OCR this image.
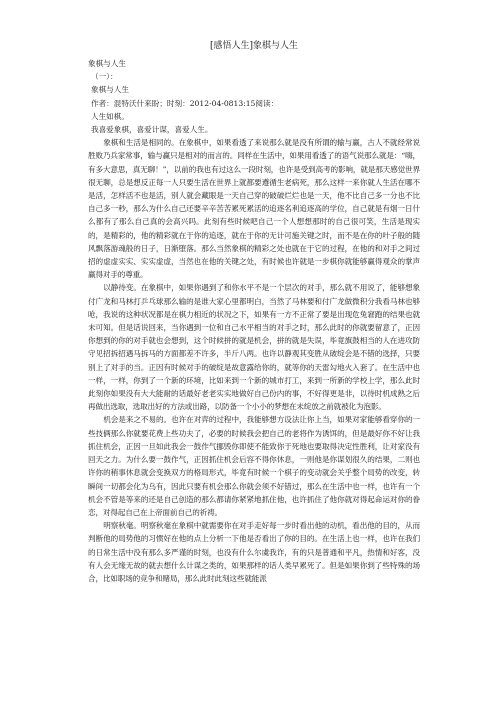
[感悟人生]象棋与人生

象棋与人生

（一）：

象棋与人生

作者：混特沃什来盼；时刻：2012-04-0813:15阅读：

人生如棋。

我喜爱象棋，喜爱计谋，喜爱人生。

象棋和生活是相同的。在象棋中，如果看透了来说那么就是没有所谓的输与赢，古人不就经常说胜败乃兵家常事，输与赢只是相对的而言的。同样在生活中，如果用看透了的语气说那么就是：“嗨，有多大意思，真无聊！”，以前的我也有过这么一段时刻，也许是受到高考的影响，就是那天感觉世界很无聊，总是想反正每一人只要生活在世界上就都要遵循生老病死，那么这样一来你就人生活在哪不是活，怎样活不也是活，别人就会藏眼是一天自己穿的破破烂烂也是一天，他不比自己多一分也不比自己多一秒，那么为什么自己还要辛辛苦苦累死累活的追逐名利追逐高的学位，自己就是有烟一日什么都有了那么自己真的会高兴吗。此刻有些时候吧自己一个人想想那时的自己很可笑，生活是现实的，是精彩的，他的精彩就在于你的追逐，就在于你的无计可施关键之时，而不是在你的叶子般的随风飘落游魂般的日子，日渐堕落。那么当然象棋的精彩之处也就在于它的过程，在他的和对手之间过招的虚虚实实、实实虚虚，当然也在他的关键之处，有时候也许就是一步棋你就能够赢得观众的掌声赢得对手的尊重。

以静待变。在象棋中，如果你遇到了和你水平不是一个层次的对手，那么就不用说了，能够想象付广龙和马林打乒乓球那么输的是谁大家心里都明白，当然了马林要和付广龙做微积分我看马林也够呛，我说的这种状况都是在棋力相近的状况之下，如果有一方不正常了要是出现危兔窘跑的结果也就未可知。但是话说回来，当你遇到一位和自己水平相当的对手之时，那么此时的你就要留意了，正因你想到的你的对手就也会想到，这个时候拼的就是机会，拼的就是失误，毕竟旗鼓相当的人在进攻防守见招拆招遇马拆马的方面都差不许多，半斤八两。也许以静观其变胜从破绽会是不错的选择，只要别上了对手的当。正因有时候对手的破绽是故意露给你的，就等你的天雷勾地火入套了。在生活中也一样，一样，你到了一个新的环境，比如来到一个新的城市打工，来到一所新的学校上学，那么此时此刻你如果没有大大能耐的话最好老老实实地做好自己份内的事，不好得更是非，以待时机成熟之后再做出选取，选取出好的方法或出路，以防备一个小小的梦想在未绽放之前就被化为泡影。

机会是来之不易的。也许在对弈的过程中，我能够想方设法让你上当，如果对家能够看穿你的一些技俩那么你就要花费上些功夫了，必要的时候我会把自己的老将作为诱饵的，但是最好你不好让我抓住机会，正因一旦如此我会一鼓作气挪毁你即使不能致你于死地也要取得决定性胜利，让对家没有回天之力。为什么要一鼓作气，正因抓住机会后容不得你休息，一则他是你谋划很久的结果，二则也许你的稍事休息就会变换双方的格局形式，毕竟有时候一个棋子的变动就会关乎整个局势的改变，转瞬间一切都会化为乌有，因此只要有机会那么你就会须不好错过，那么在生活中也一样，也许有一个机会不管是等来的还是自己创造的那么都请你紧紧地抓住他，也许抓住了他你就对得起命运对你的眷恋，对得起自己在上帝面前自己的祈祷。

明察秋毫。明察秋毫在象棋中就需要你在对手走好每一步时看出他的动机，看出他的目的，从而判断他的局势他的习惯好在他的点上分析一下他是否看出了你的目的。在生活上也一样，也许在我们的日常生活中没有那么多严谨的时刻，也没有什么尔虞我诈，有的只是普通和平凡，热情和好客，没有人会无缘无故的就去想什么计谋之类的，如果那样的话人类早累死了。但是如果你到了些特殊的场合，比如职场的竞争和赌局，那么此时此刻这些就能派
